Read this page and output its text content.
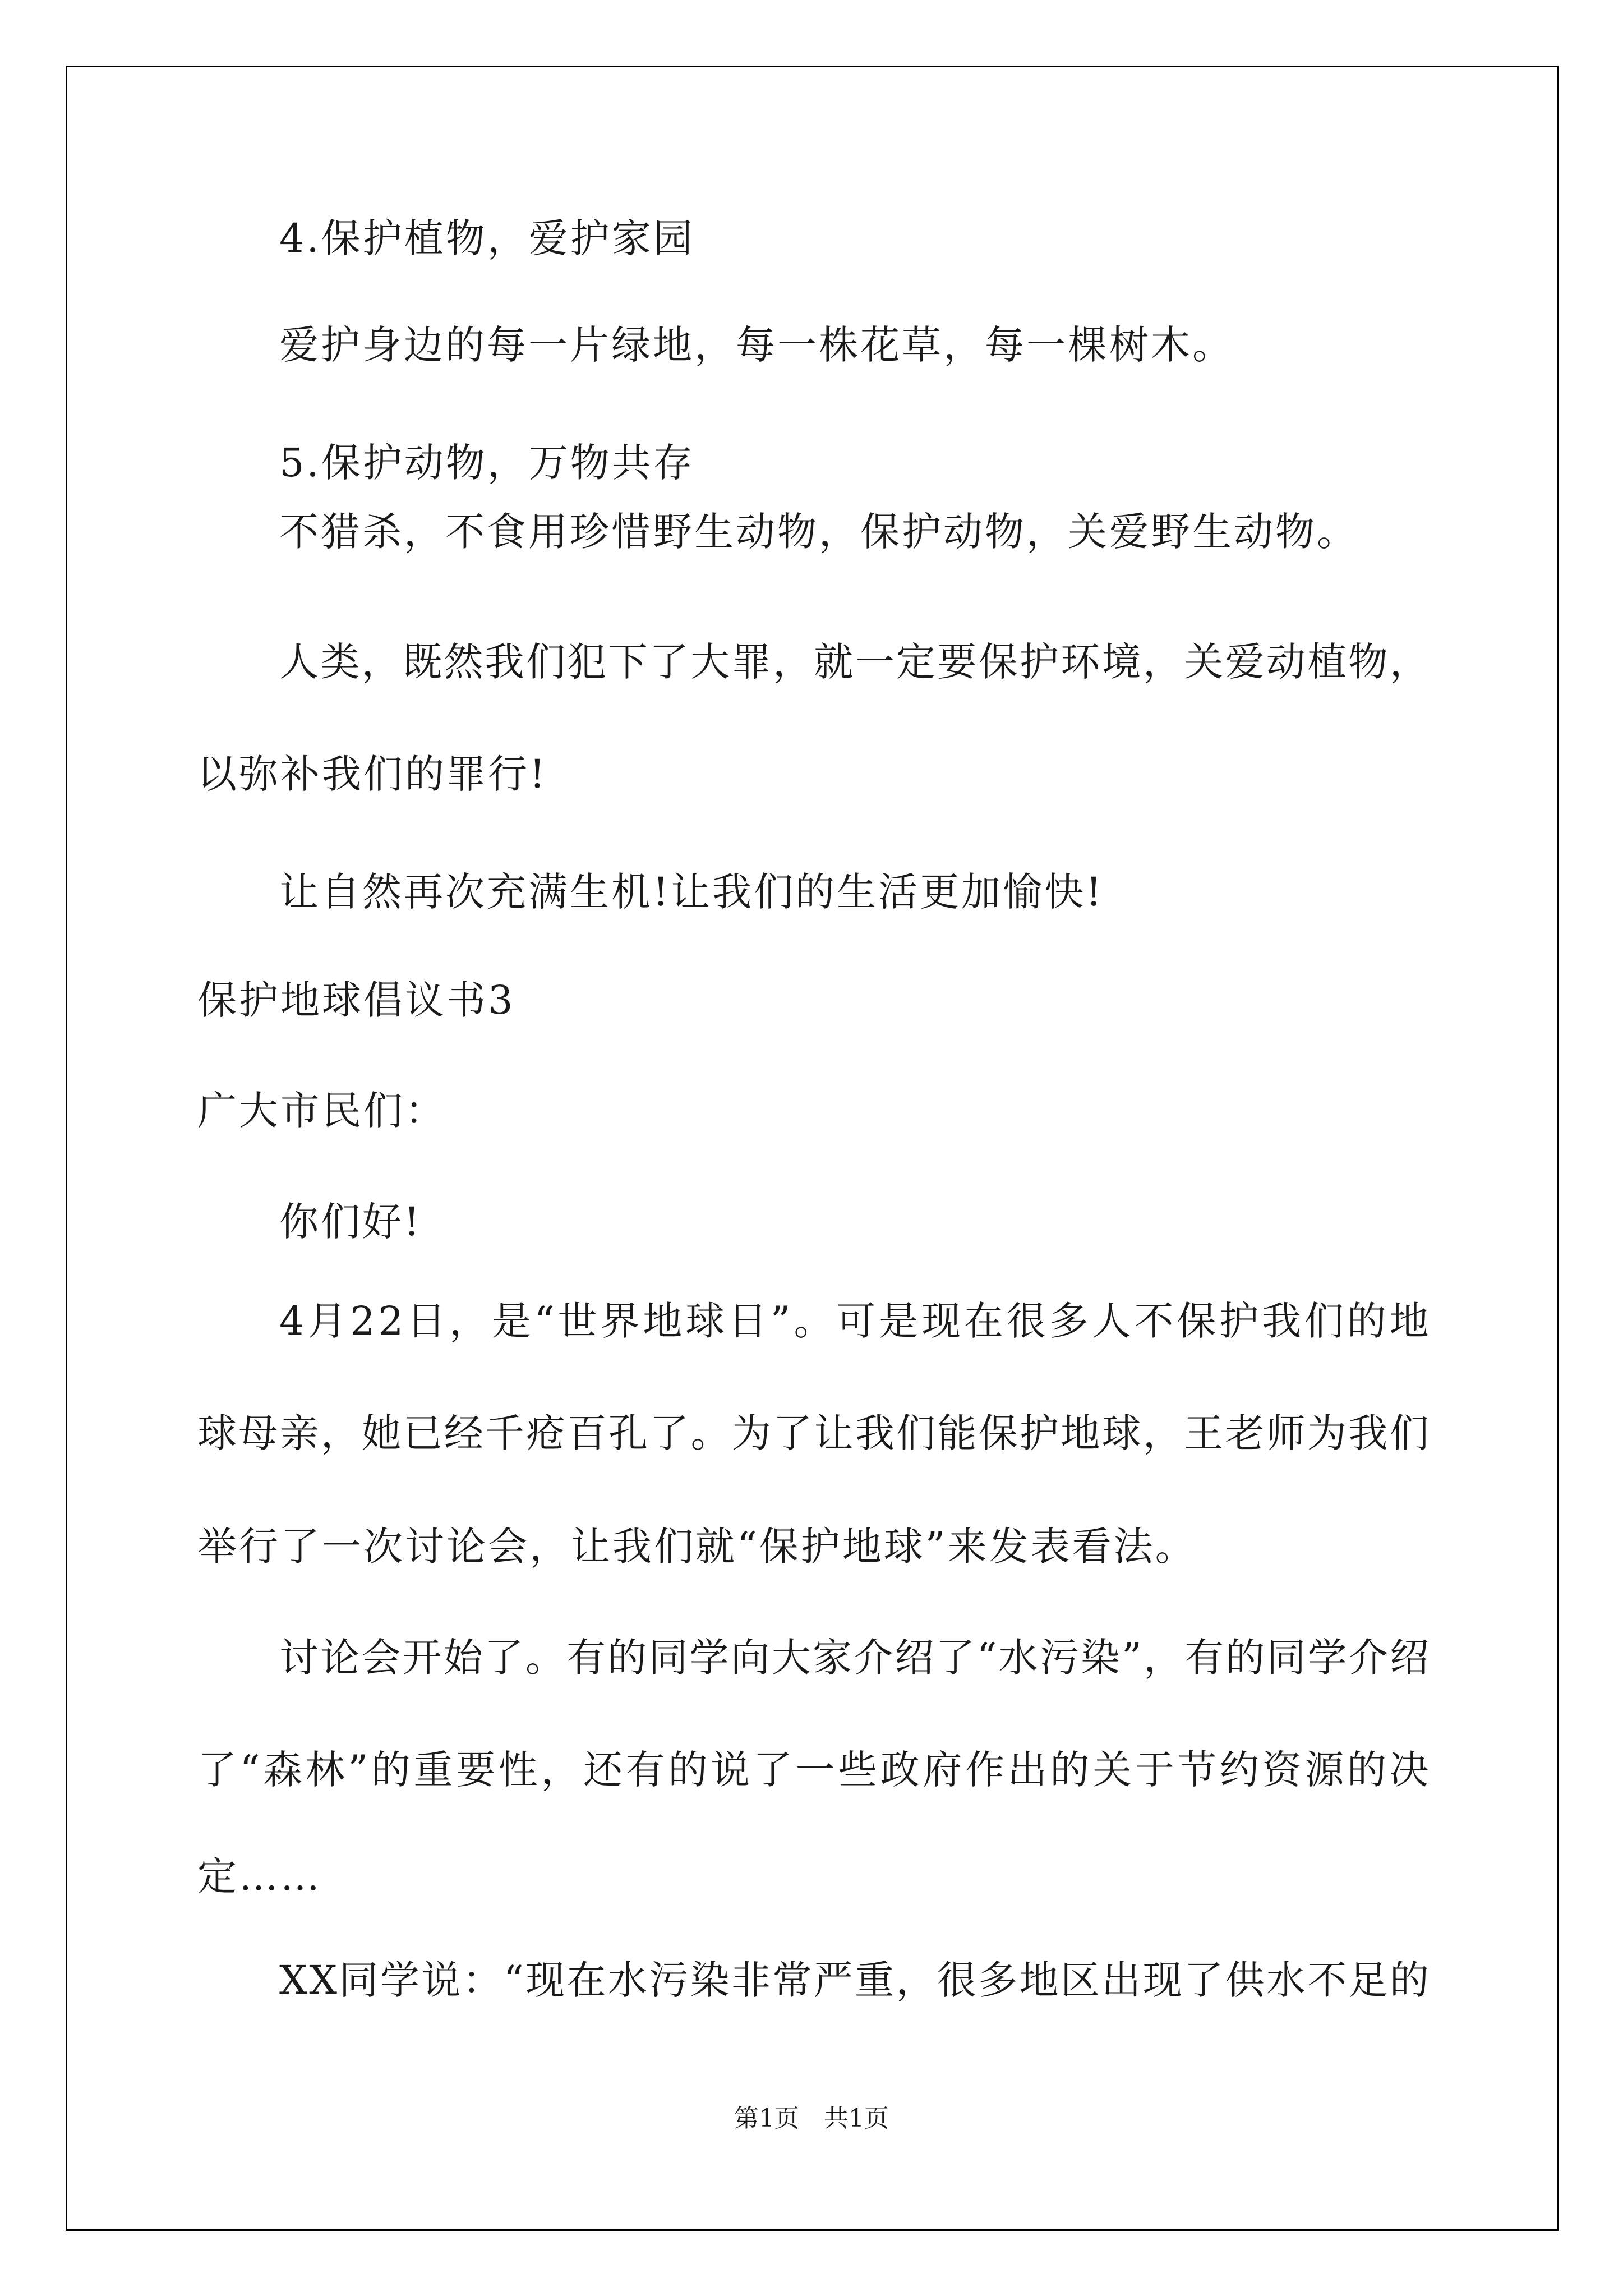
4.保护植物，爱护家园
爱护身边的每一片绿地，每一株花草，每一棵树木。
5.保护动物，万物共存
不猎杀，不食用珍惜野生动物，保护动物，关爱野生动物。
人 类 ， 既 然 我 们 犯 下 了 大 罪 ， 就 一 定 要 保 护 环 境 ， 关 爱 动 植 物 ，
以弥补我们的罪行!
让自然再次充满生机!让我们的生活更加愉快!
保护地球倡议书3
广大市民们：
你们好!
4 月 2 2 日 ， 是 “ 世 界 地 球 日 ” 。 可 是 现 在 很 多 人 不 保 护 我 们 的 地
球 母 亲 ， 她 已 经 千 疮 百 孔 了 。 为 了 让 我 们 能 保 护 地 球 ， 王 老 师 为 我 们
举行了一次讨论会，让我们就“保护地球”来发表看法。
讨 论 会 开 始 了 。 有 的 同 学 向 大 家 介 绍 了 “ 水 污 染 ” ， 有 的 同 学 介 绍
了 “ 森 林 ” 的 重 要 性 ， 还 有 的 说 了 一 些 政 府 作 出 的 关 于 节 约 资 源 的 决
定……
X X 同 学 说 ： “ 现 在 水 污 染 非 常 严 重 ， 很 多 地 区 出 现 了 供 水 不 足 的
第1页　共1页
